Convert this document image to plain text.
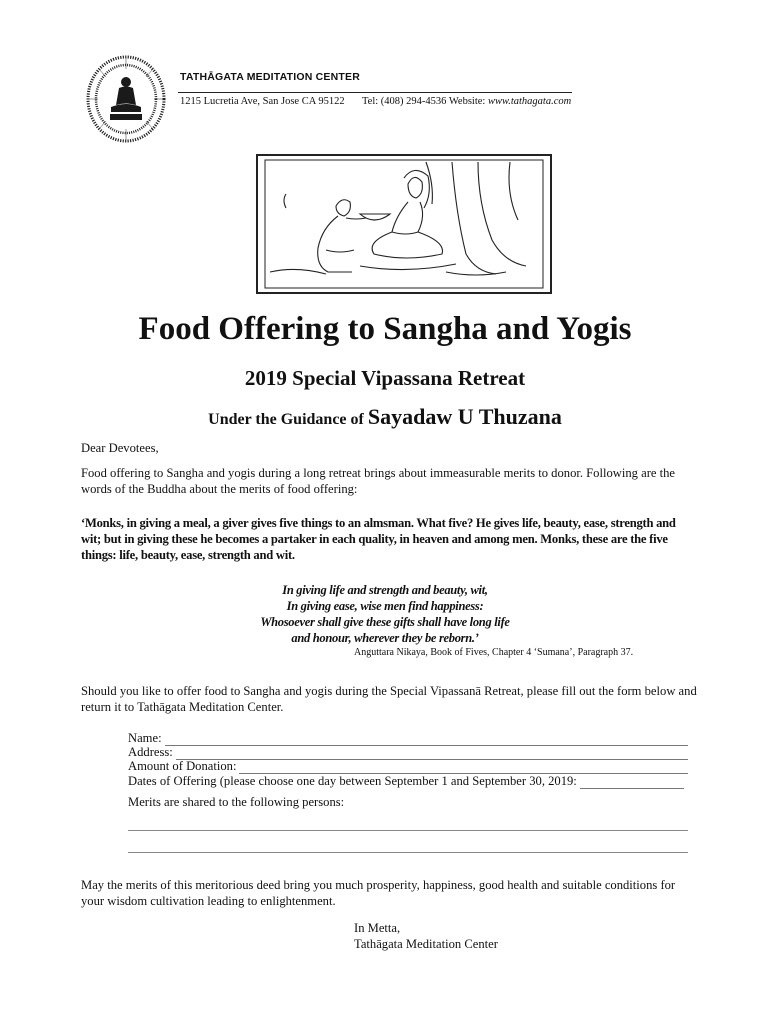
TATHĀGATA MEDITATION CENTER
1215 Lucretia Ave, San Jose CA 95122 Tel: (408) 294-4536 Website: www.tathagata.com
Food Offering to Sangha and Yogis
2019 Special Vipassana Retreat
Under the Guidance of Sayadaw U Thuzana
Dear Devotees,
Food offering to Sangha and yogis during a long retreat brings about immeasurable merits to donor. Following are the words of the Buddha about the merits of food offering:
‘Monks, in giving a meal, a giver gives five things to an almsman. What five? He gives life, beauty, ease, strength and wit; but in giving these he becomes a partaker in each quality, in heaven and among men. Monks, these are the five things: life, beauty, ease, strength and wit.
In giving life and strength and beauty, wit,
In giving ease, wise men find happiness:
Whosoever shall give these gifts shall have long life
and honour, wherever they be reborn.’
Anguttara Nikaya, Book of Fives, Chapter 4 ‘Sumana’, Paragraph 37.
Should you like to offer food to Sangha and yogis during the Special Vipassanā Retreat, please fill out the form below and return it to Tathāgata Meditation Center.
Name:
Address:
Amount of Donation:
Dates of Offering (please choose one day between September 1 and September 30, 2019:
Merits are shared to the following persons:
May the merits of this meritorious deed bring you much prosperity, happiness, good health and suitable conditions for your wisdom cultivation leading to enlightenment.
In Metta,
Tathāgata Meditation Center
